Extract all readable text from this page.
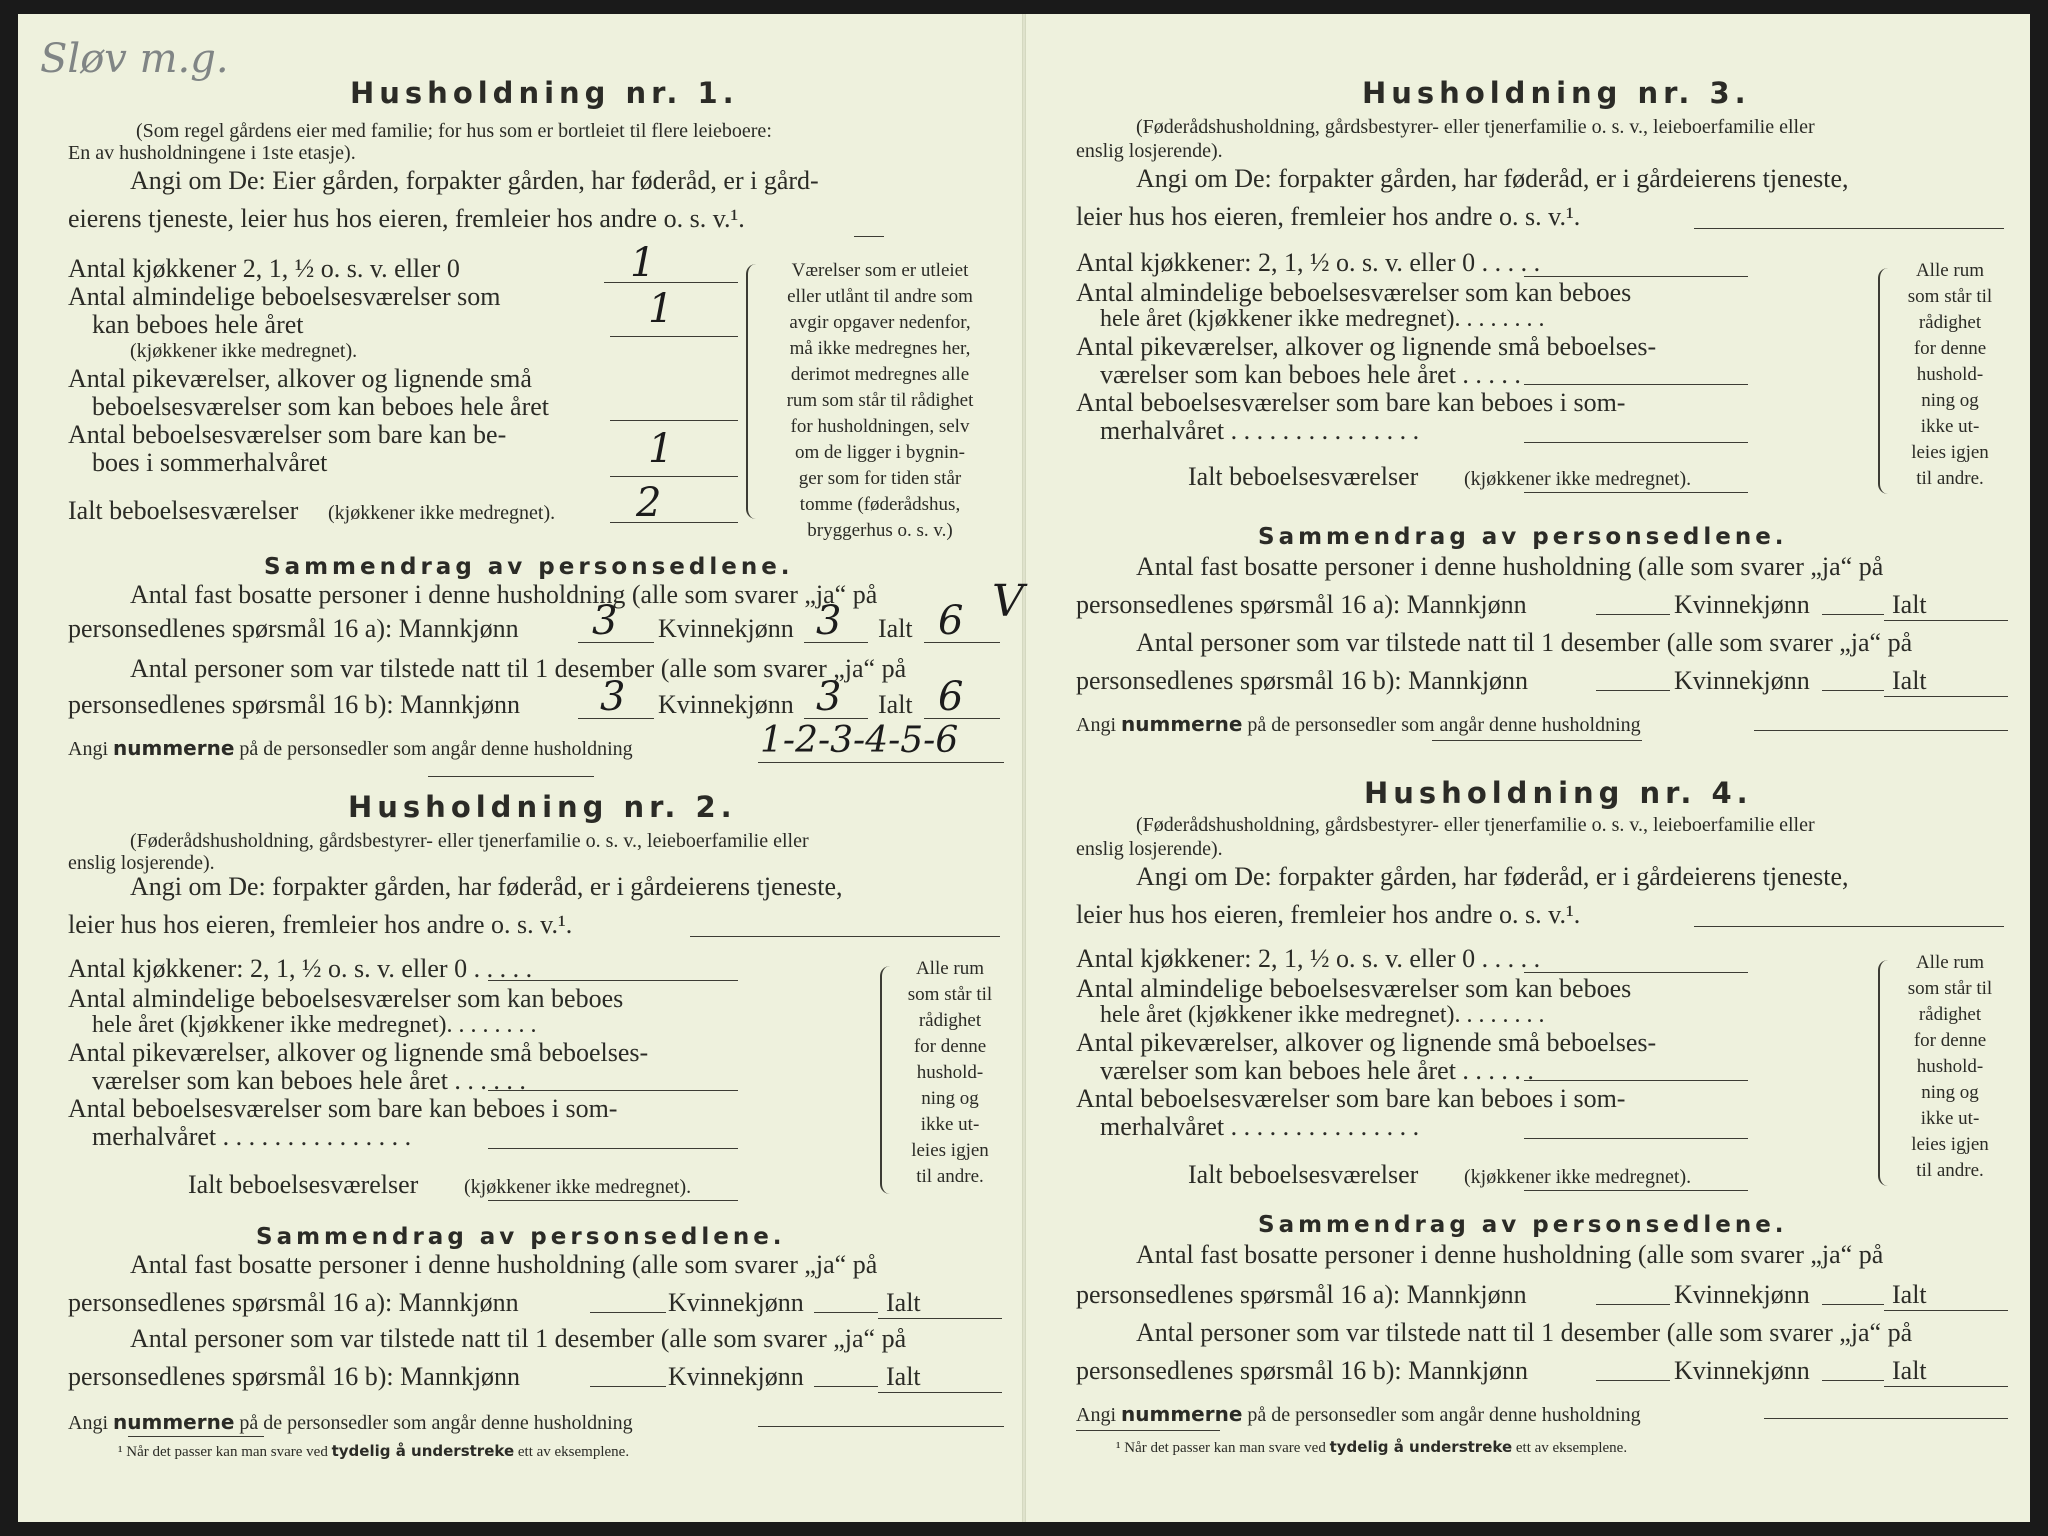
Sløv m.g.
Husholdning nr. 1.
(Som regel gårdens eier med familie; for hus som er bortleiet til flere leieboere:
En av husholdningene i 1ste etasje).
Angi om De: Eier gården, forpakter gården, har føderåd, er i gård-
eierens tjeneste, leier hus hos eieren, fremleier hos andre o. s. v.¹.
Antal kjøkkener 2, 1, ½ o. s. v. eller 0	1
Antal almindelige beboelsesværelser som
kan beboes hele året	1
(kjøkkener ikke medregnet).
Antal pikeværelser, alkover og lignende små
beboelsesværelser som kan beboes hele året
Antal beboelsesværelser som bare kan be-
boes i sommerhalvåret	1
Ialt beboelsesværelser (kjøkkener ikke medregnet). 2
Værelser som er utleiet
eller utlånt til andre som
avgir opgaver nedenfor,
må ikke medregnes her,
derimot medregnes alle
rum som står til rådighet
for husholdningen, selv
om de ligger i bygnin-
ger som for tiden står
tomme (føderådshus,
bryggerhus o. s. v.)
Sammendrag av personsedlene.
Antal fast bosatte personer i denne husholdning (alle som svarer „ja“ på	V
personsedlenes spørsmål 16 a): Mannkjønn 3 Kvinnekjønn 3 Ialt 6
Antal personer som var tilstede natt til 1 desember (alle som svarer „ja“ på
personsedlenes spørsmål 16 b): Mannkjønn 3 Kvinnekjønn 3 Ialt 6
Angi nummerne på de personsedler som angår denne husholdning	1-2-3-4-5-6
Husholdning nr. 2.
(Føderådshusholdning, gårdsbestyrer- eller tjenerfamilie o. s. v., leieboerfamilie eller
enslig losjerende).
Angi om De: forpakter gården, har føderåd, er i gårdeierens tjeneste,
leier hus hos eieren, fremleier hos andre o. s. v.¹.
Antal kjøkkener: 2, 1, ½ o. s. v. eller 0 . . . . .
Antal almindelige beboelsesværelser som kan beboes
hele året (kjøkkener ikke medregnet). . . . . . . .
Antal pikeværelser, alkover og lignende små beboelses-
værelser som kan beboes hele året . . . . . .
Antal beboelsesværelser som bare kan beboes i som-
merhalvåret . . . . . . . . . . . . . . .
Ialt beboelsesværelser (kjøkkener ikke medregnet).
Alle rum
som står til
rådighet
for denne
hushold-
ning og
ikke ut-
leies igjen
til andre.
Sammendrag av personsedlene.
Antal fast bosatte personer i denne husholdning (alle som svarer „ja“ på
personsedlenes spørsmål 16 a): Mannkjønn	Kvinnekjønn	Ialt
Antal personer som var tilstede natt til 1 desember (alle som svarer „ja“ på
personsedlenes spørsmål 16 b): Mannkjønn	Kvinnekjønn	Ialt
Angi nummerne på de personsedler som angår denne husholdning
¹ Når det passer kan man svare ved tydelig å understreke ett av eksemplene.
Husholdning nr. 3.
(Føderådshusholdning, gårdsbestyrer- eller tjenerfamilie o. s. v., leieboerfamilie eller
enslig losjerende).
Angi om De: forpakter gården, har føderåd, er i gårdeierens tjeneste,
leier hus hos eieren, fremleier hos andre o. s. v.¹.
Antal kjøkkener: 2, 1, ½ o. s. v. eller 0 . . . . .
Antal almindelige beboelsesværelser som kan beboes
hele året (kjøkkener ikke medregnet). . . . . . . .
Antal pikeværelser, alkover og lignende små beboelses-
værelser som kan beboes hele året . . . . .
Antal beboelsesværelser som bare kan beboes i som-
merhalvåret . . . . . . . . . . . . . . .
Ialt beboelsesværelser (kjøkkener ikke medregnet).
Alle rum
som står til
rådighet
for denne
hushold-
ning og
ikke ut-
leies igjen
til andre.
Sammendrag av personsedlene.
Antal fast bosatte personer i denne husholdning (alle som svarer „ja“ på
personsedlenes spørsmål 16 a): Mannkjønn	Kvinnekjønn	Ialt
Antal personer som var tilstede natt til 1 desember (alle som svarer „ja“ på
personsedlenes spørsmål 16 b): Mannkjønn	Kvinnekjønn	Ialt
Angi nummerne på de personsedler som angår denne husholdning
Husholdning nr. 4.
(Føderådshusholdning, gårdsbestyrer- eller tjenerfamilie o. s. v., leieboerfamilie eller
enslig losjerende).
Angi om De: forpakter gården, har føderåd, er i gårdeierens tjeneste,
leier hus hos eieren, fremleier hos andre o. s. v.¹.
Antal kjøkkener: 2, 1, ½ o. s. v. eller 0 . . . . .
Antal almindelige beboelsesværelser som kan beboes
hele året (kjøkkener ikke medregnet). . . . . . . .
Antal pikeværelser, alkover og lignende små beboelses-
værelser som kan beboes hele året . . . . . .
Antal beboelsesværelser som bare kan beboes i som-
merhalvåret . . . . . . . . . . . . . . .
Ialt beboelsesværelser (kjøkkener ikke medregnet).
Alle rum
som står til
rådighet
for denne
hushold-
ning og
ikke ut-
leies igjen
til andre.
Sammendrag av personsedlene.
Antal fast bosatte personer i denne husholdning (alle som svarer „ja“ på
personsedlenes spørsmål 16 a): Mannkjønn	Kvinnekjønn	Ialt
Antal personer som var tilstede natt til 1 desember (alle som svarer „ja“ på
personsedlenes spørsmål 16 b): Mannkjønn	Kvinnekjønn	Ialt
Angi nummerne på de personsedler som angår denne husholdning
¹ Når det passer kan man svare ved tydelig å understreke ett av eksemplene.
